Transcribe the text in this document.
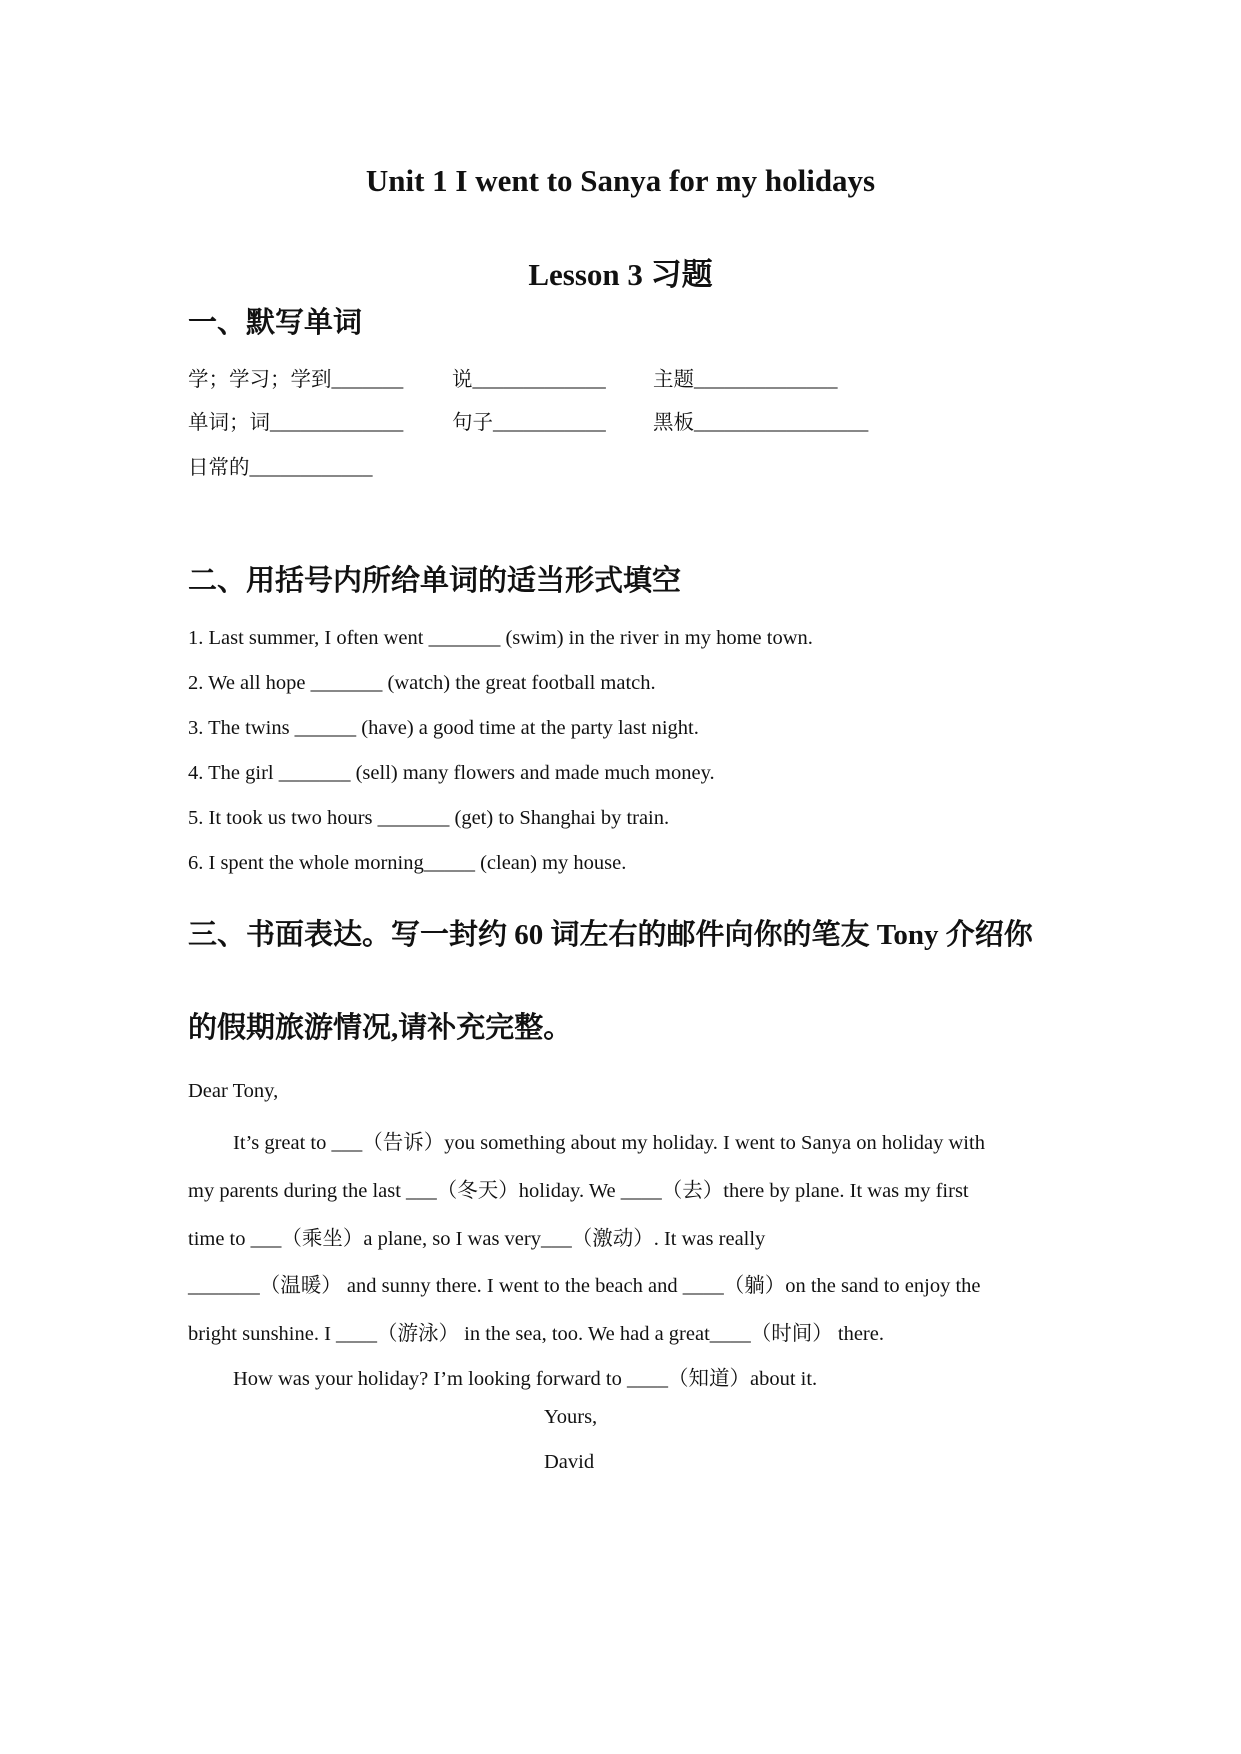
Unit 1 I went to Sanya for my holidays
Lesson 3 习题
一、默写单词
学；学习；学到_______ 说_____________ 主题______________
单词；词_____________ 句子___________ 黑板_________________
日常的____________
二、用括号内所给单词的适当形式填空
1. Last summer, I often went _______ (swim) in the river in my home town.
2. We all hope _______ (watch) the great football match.
3. The twins ______ (have) a good time at the party last night.
4. The girl _______ (sell) many flowers and made much money.
5. It took us two hours _______ (get) to Shanghai by train.
6. I spent the whole morning_____ (clean) my house.
三、书面表达。写一封约 60 词左右的邮件向你的笔友 Tony 介绍你
的假期旅游情况,请补充完整。
Dear Tony,
It’s great to ___（告诉）you something about my holiday. I went to Sanya on holiday with
my parents during the last ___（冬天）holiday. We ____（去）there by plane. It was my first
time to ___（乘坐）a plane, so I was very___（激动）. It was really
_______（温暖） and sunny there. I went to the beach and ____（躺）on the sand to enjoy the
bright sunshine. I ____（游泳） in the sea, too. We had a great____（时间） there.
How was your holiday? I’m looking forward to ____（知道）about it.
Yours,
David
